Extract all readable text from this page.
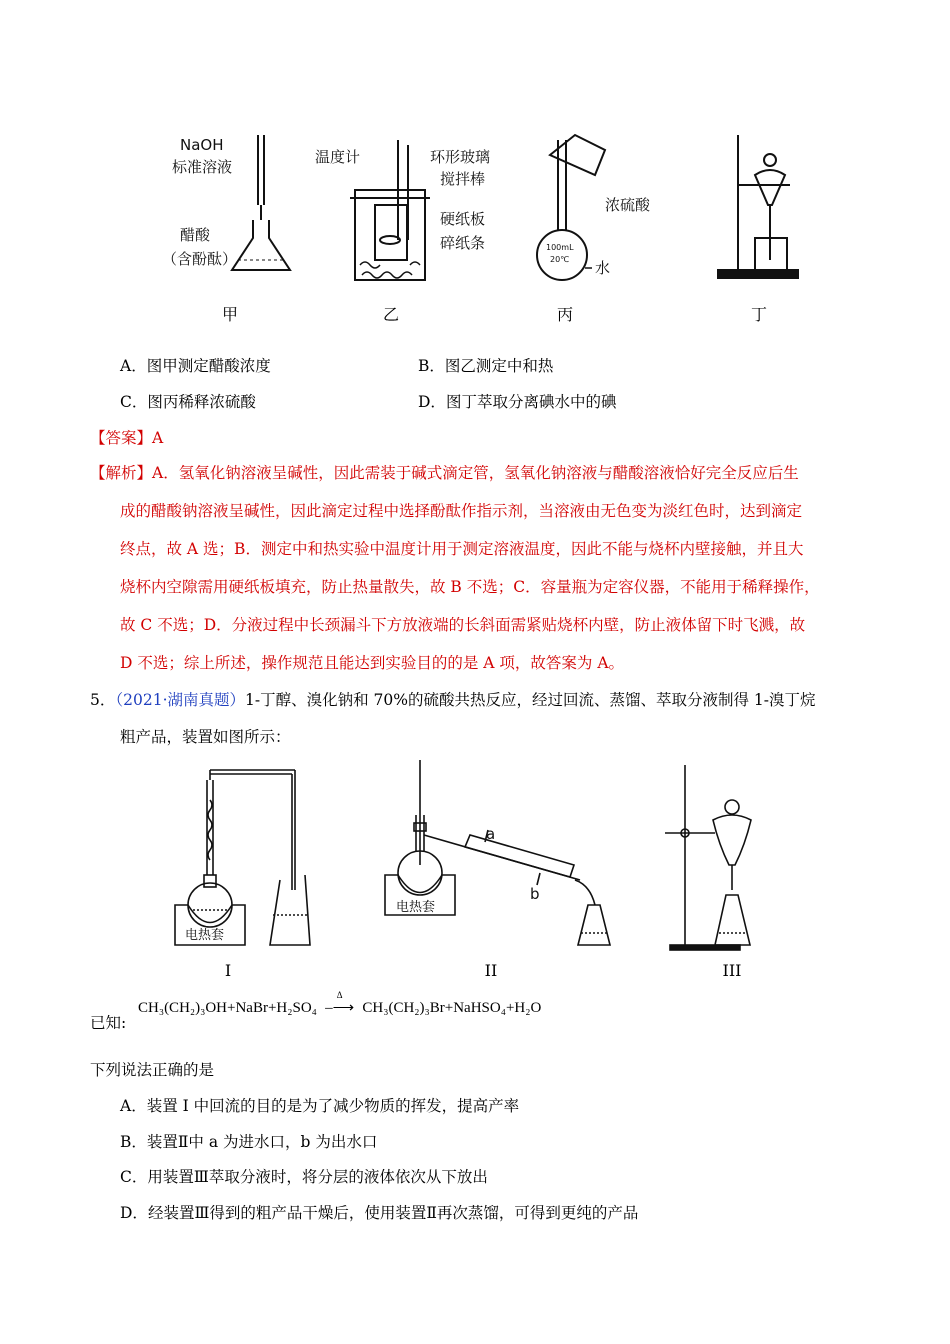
NaOH
标准溶液
醋酸
（含酚酞）
温度计	环形玻璃
搅拌棒
硬纸板
碎纸条
浓硫酸
100mL
20℃ 水
甲	乙	丙	丁
A．图甲测定醋酸浓度	B．图乙测定中和热
C．图丙稀释浓硫酸	D．图丁萃取分离碘水中的碘
【答案】A
【解析】A．氢氧化钠溶液呈碱性，因此需装于碱式滴定管，氢氧化钠溶液与醋酸溶液恰好完全反应后生
成的醋酸钠溶液呈碱性，因此滴定过程中选择酚酞作指示剂，当溶液由无色变为淡红色时，达到滴定
终点，故 A 选；B．测定中和热实验中温度计用于测定溶液温度，因此不能与烧杯内壁接触，并且大
烧杯内空隙需用硬纸板填充，防止热量散失，故 B 不选；C．容量瓶为定容仪器，不能用于稀释操作，
故 C 不选；D．分液过程中长颈漏斗下方放液端的长斜面需紧贴烧杯内壁，防止液体留下时飞溅，故
D 不选；综上所述，操作规范且能达到实验目的的是 A 项，故答案为 A。
5．（2021·湖南真题）1-丁醇、溴化钠和 70%的硫酸共热反应，经过回流、蒸馏、萃取分液制得 1-溴丁烷
粗产品，装置如图所示：
电热套
电热套
a
b
I	II	III
已知:
CH₃(CH₂)₃OH+NaBr+H₂SO₄
Δ
–⟶ CH₃(CH₂)₃Br+NaHSO₄+H₂O
下列说法正确的是
A．装置 I 中回流的目的是为了减少物质的挥发，提高产率
B．装置Ⅱ中 a 为进水口，b 为出水口
C．用装置Ⅲ萃取分液时，将分层的液体依次从下放出
D．经装置Ⅲ得到的粗产品干燥后，使用装置Ⅱ再次蒸馏，可得到更纯的产品
